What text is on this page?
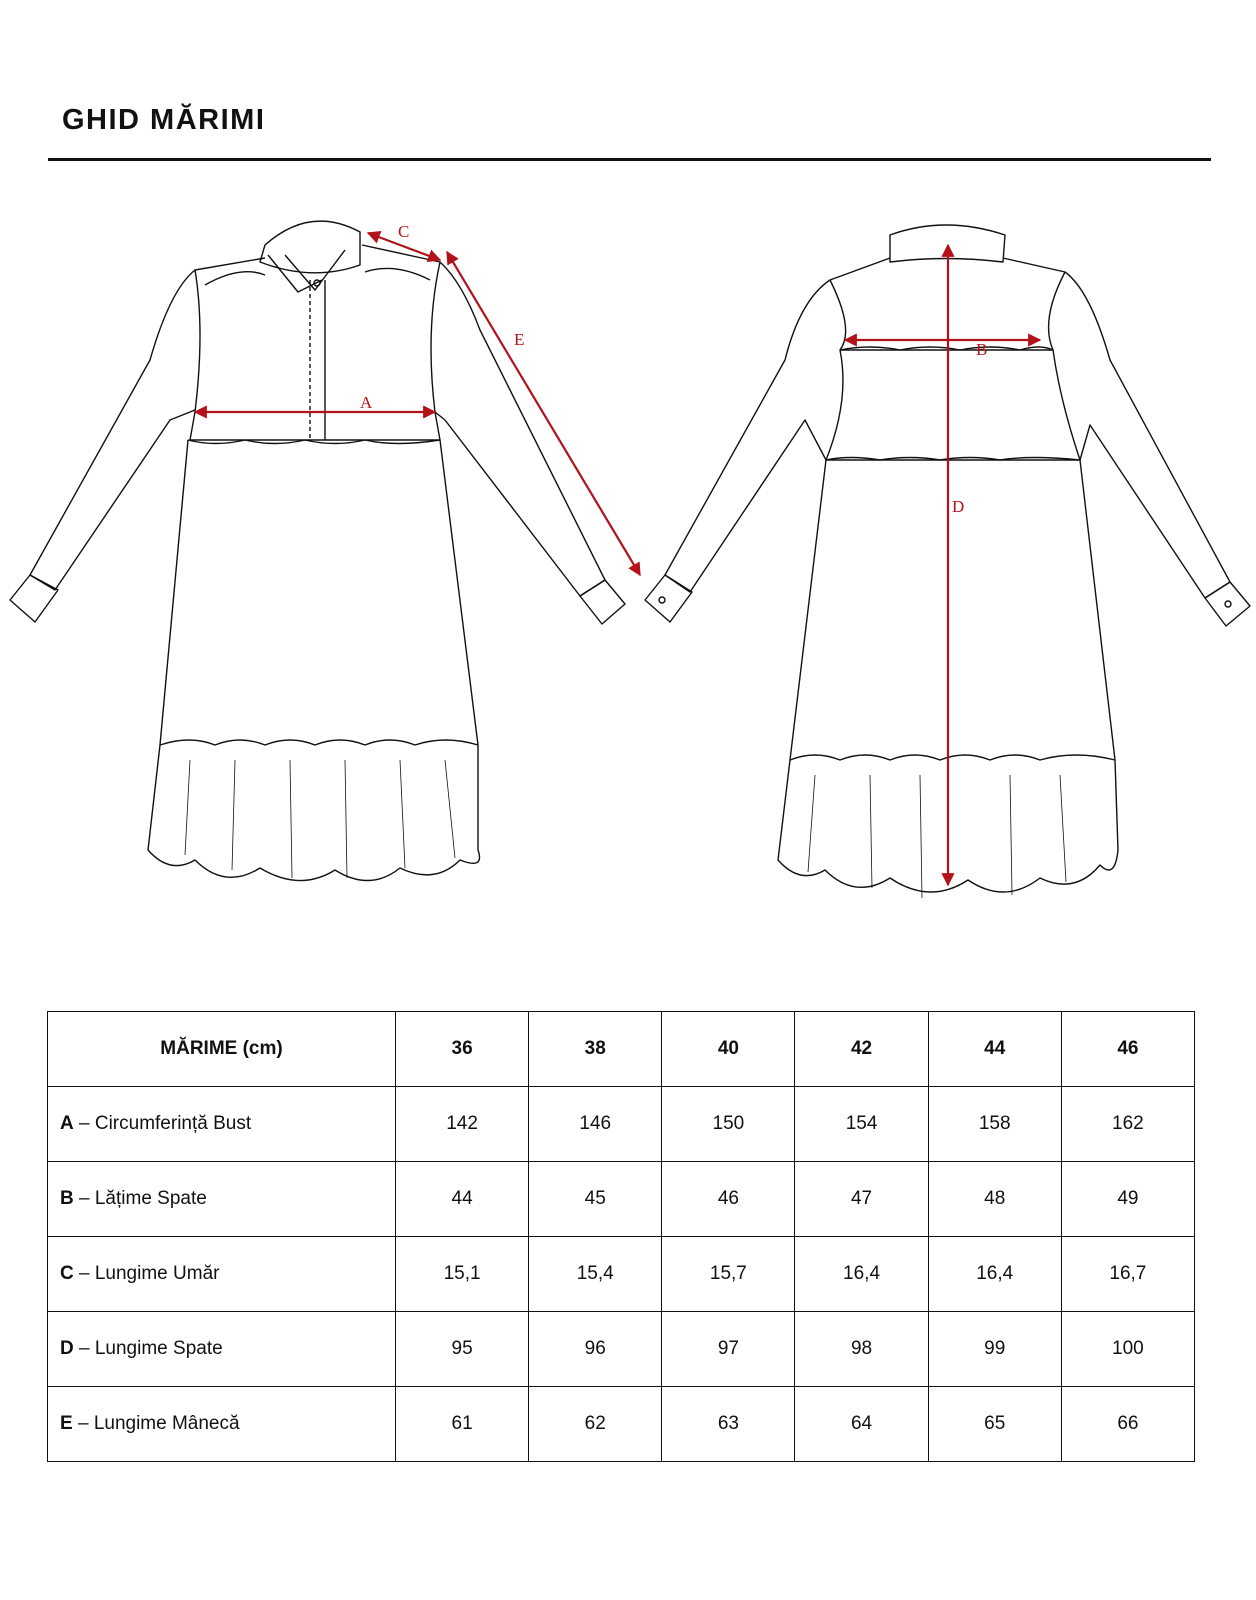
GHID MĂRIMI
A
C
E
B
D
MĂRIME (cm)	36	38	40	42	44	46
A – Circumferință Bust	142	146	150	154	158	162
B – Lățime Spate	44	45	46	47	48	49
C – Lungime Umăr	15,1	15,4	15,7	16,4	16,4	16,7
D – Lungime Spate	95	96	97	98	99	100
E – Lungime Mânecă	61	62	63	64	65	66
